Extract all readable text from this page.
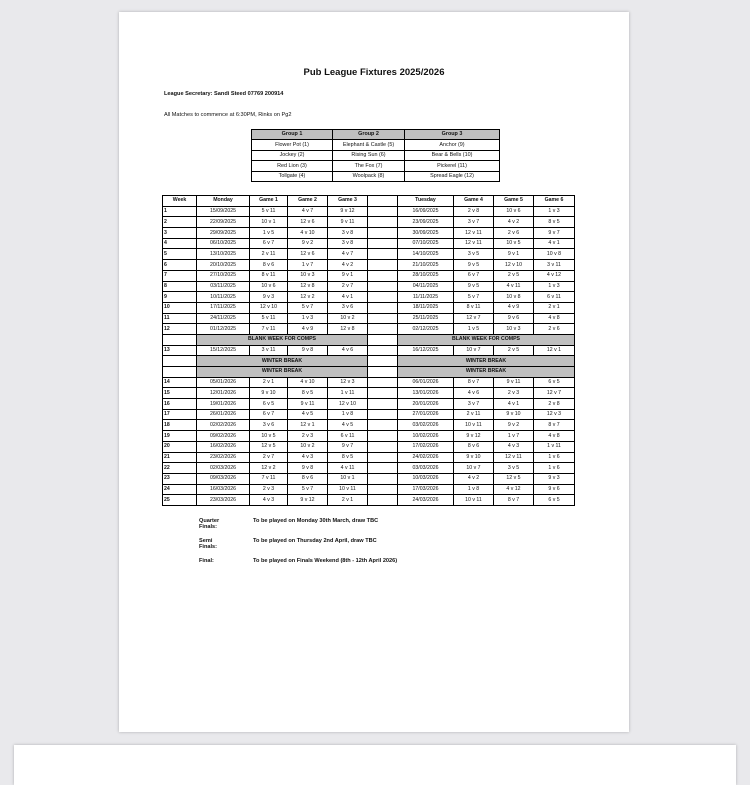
Pub League Fixtures 2025/2026
League Secretary: Sandi Steed 07769 200914
All Matches to commence at 6:30PM, Rinks on Pg2
Group 1	Group 2	Group 3
Flower Pot (1)	Elephant & Castle (5)	Anchor (9)
Jockey (2)	Rising Sun (6)	Bear & Bells (10)
Red Lion (3)	The Fox (7)	Pickerel (11)
Tollgate (4)	Woolpack (8)	Spread Eagle (12)
Week	Monday	Game 1	Game 2	Game 3		Tuesday	Game 4	Game 5	Game 6
1	15/09/2025	5 v 11	4 v 7	9 v 12		16/09/2025	2 v 8	10 v 6	1 v 3
2	22/09/2025	10 v 1	12 v 6	9 v 11		23/09/2025	3 v 7	4 v 2	8 v 5
3	29/09/2025	1 v 5	4 v 10	3 v 8		30/09/2025	12 v 11	2 v 6	9 v 7
4	06/10/2025	6 v 7	9 v 2	3 v 8		07/10/2025	12 v 11	10 v 5	4 v 1
5	13/10/2025	2 v 11	12 v 6	4 v 7		14/10/2025	3 v 5	9 v 1	10 v 8
6	20/10/2025	8 v 6	1 v 7	4 v 2		21/10/2025	9 v 5	12 v 10	3 v 11
7	27/10/2025	8 v 11	10 v 3	9 v 1		28/10/2025	6 v 7	2 v 5	4 v 12
8	03/11/2025	10 v 6	12 v 8	2 v 7		04/11/2025	9 v 5	4 v 11	1 v 3
9	10/11/2025	9 v 3	12 v 2	4 v 1		11/11/2025	5 v 7	10 v 8	6 v 11
10	17/11/2025	12 v 10	5 v 7	3 v 6		18/11/2025	8 v 11	4 v 9	2 v 1
11	24/11/2025	5 v 11	1 v 3	10 v 2		25/11/2025	12 v 7	9 v 6	4 v 8
12	01/12/2025	7 v 11	4 v 9	12 v 8		02/12/2025	1 v 5	10 v 3	2 v 6
	BLANK WEEK FOR COMPS					BLANK WEEK FOR COMPS			
13	15/12/2025	3 v 11	9 v 8	4 v 6		16/12/2025	10 v 7	2 v 5	12 v 1
	WINTER BREAK					WINTER BREAK			
	WINTER BREAK					WINTER BREAK			
14	05/01/2026	2 v 1	4 v 10	12 v 3		06/01/2026	8 v 7	9 v 11	6 v 5
15	12/01/2026	9 v 10	8 v 5	1 v 11		13/01/2026	4 v 6	2 v 3	12 v 7
16	19/01/2026	6 v 5	9 v 11	12 v 10		20/01/2026	3 v 7	4 v 1	2 v 8
17	26/01/2026	6 v 7	4 v 5	1 v 8		27/01/2026	2 v 11	9 v 10	12 v 3
18	02/02/2026	3 v 6	12 v 1	4 v 5		03/02/2026	10 v 11	9 v 2	8 v 7
19	09/02/2026	10 v 5	2 v 3	6 v 11		10/02/2026	9 v 12	1 v 7	4 v 8
20	16/02/2026	12 v 5	10 v 2	9 v 7		17/02/2026	8 v 6	4 v 3	1 v 11
21	23/02/2026	2 v 7	4 v 3	8 v 5		24/02/2026	9 v 10	12 v 11	1 v 6
22	02/03/2026	12 v 2	9 v 8	4 v 11		03/03/2026	10 v 7	3 v 5	1 v 6
23	09/03/2026	7 v 11	8 v 6	10 v 1		10/03/2026	4 v 2	12 v 5	9 v 3
24	16/03/2026	2 v 3	5 v 7	10 v 11		17/03/2026	1 v 8	4 v 12	9 v 6
25	23/03/2026	4 v 3	9 v 12	2 v 1		24/03/2026	10 v 11	8 v 7	6 v 5
Quarter Finals:
To be played on Monday 30th March, draw TBC
Semi Finals:
To be played on Thursday 2nd April, draw TBC
Final:	To be played on Finals Weekend (8th - 12th April 2026)
